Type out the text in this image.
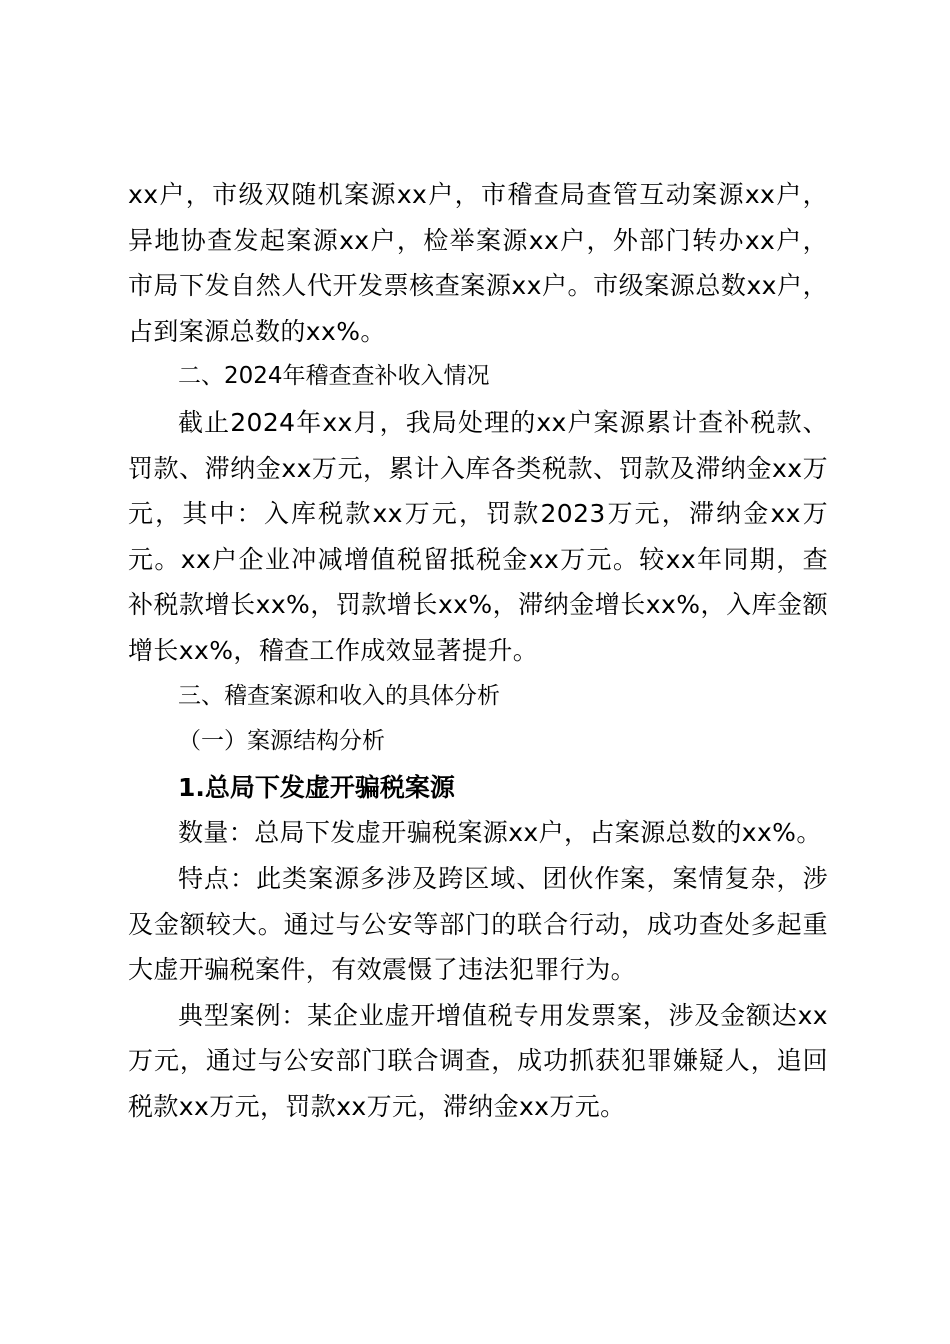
xx户，市级双随机案源xx户，市稽查局查管互动案源xx户，异地协查发起案源xx户，检举案源xx户，外部门转办xx户，市局下发自然人代开发票核查案源xx户。市级案源总数xx户，占到案源总数的xx%。

二、2024年稽查查补收入情况

截止2024年xx月，我局处理的xx户案源累计查补税款、罚款、滞纳金xx万元，累计入库各类税款、罚款及滞纳金xx万元，其中：入库税款xx万元，罚款2023万元，滞纳金xx万元。xx户企业冲减增值税留抵税金xx万元。较xx年同期，查补税款增长xx%，罚款增长xx%，滞纳金增长xx%，入库金额增长xx%，稽查工作成效显著提升。

三、稽查案源和收入的具体分析

（一）案源结构分析

1.总局下发虚开骗税案源

数量：总局下发虚开骗税案源xx户，占案源总数的xx%。

特点：此类案源多涉及跨区域、团伙作案，案情复杂，涉及金额较大。通过与公安等部门的联合行动，成功查处多起重大虚开骗税案件，有效震慑了违法犯罪行为。

典型案例：某企业虚开增值税专用发票案，涉及金额达xx万元，通过与公安部门联合调查，成功抓获犯罪嫌疑人，追回税款xx万元，罚款xx万元，滞纳金xx万元。
